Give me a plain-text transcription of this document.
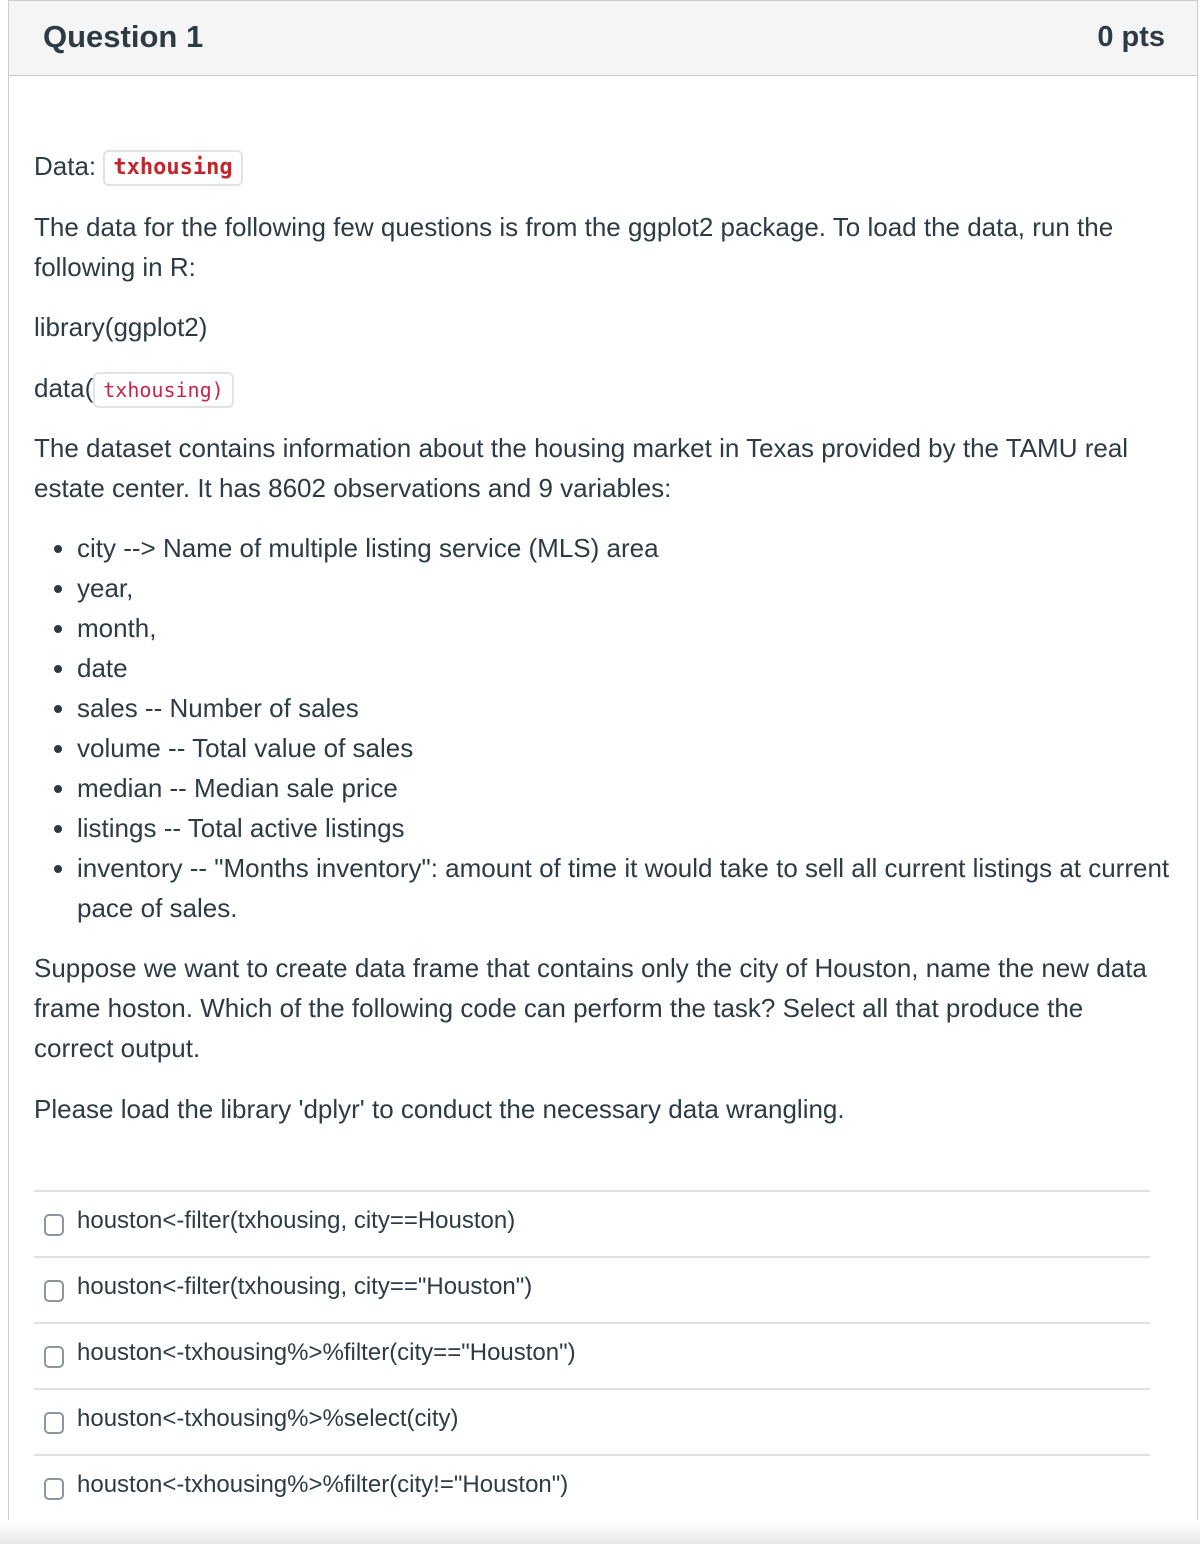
Question 1	0 pts
Data: txhousing
The data for the following few questions is from the ggplot2 package. To load the data, run the following in R:
library(ggplot2)
data( txhousing)
The dataset contains information about the housing market in Texas provided by the TAMU real estate center. It has 8602 observations and 9 variables:
• city --> Name of multiple listing service (MLS) area
• year,
• month,
• date
• sales -- Number of sales
• volume -- Total value of sales
• median -- Median sale price
• listings -- Total active listings
• inventory -- "Months inventory": amount of time it would take to sell all current listings at current pace of sales.
Suppose we want to create data frame that contains only the city of Houston, name the new data frame hoston. Which of the following code can perform the task? Select all that produce the correct output.
Please load the library 'dplyr' to conduct the necessary data wrangling.
houston<-filter(txhousing, city==Houston)
houston<-filter(txhousing, city=="Houston")
houston<-txhousing%>%filter(city=="Houston")
houston<-txhousing%>%select(city)
houston<-txhousing%>%filter(city!="Houston")
